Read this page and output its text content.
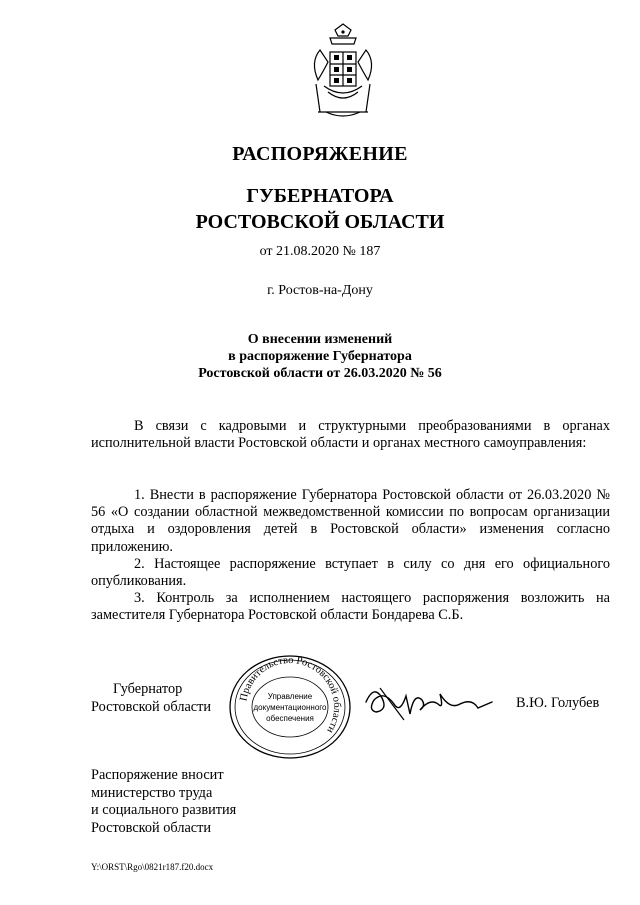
РАСПОРЯЖЕНИЕ
ГУБЕРНАТОРА
РОСТОВСКОЙ ОБЛАСТИ
от 21.08.2020 № 187
г. Ростов-на-Дону
О внесении изменений
в распоряжение Губернатора
Ростовской области от 26.03.2020 № 56
В связи с кадровыми и структурными преобразованиями в органах исполнительной власти Ростовской области и органах местного самоуправления:

1. Внести в распоряжение Губернатора Ростовской области от 26.03.2020 № 56 «О создании областной межведомственной комиссии по вопросам организации отдыха и оздоровления детей в Ростовской области» изменения согласно приложению.

2. Настоящее распоряжение вступает в силу со дня его официального опубликования.

3. Контроль за исполнением настоящего распоряжения возложить на заместителя Губернатора Ростовской области Бондарева С.Б.

Губернатор
Ростовской области
Правительство Ростовской области
Управление
документационного
обеспечения
В.Ю. Голубев
Распоряжение вносит
министерство труда
и социального развития
Ростовской области
Y:\ORST\Rgo\0821r187.f20.docx
